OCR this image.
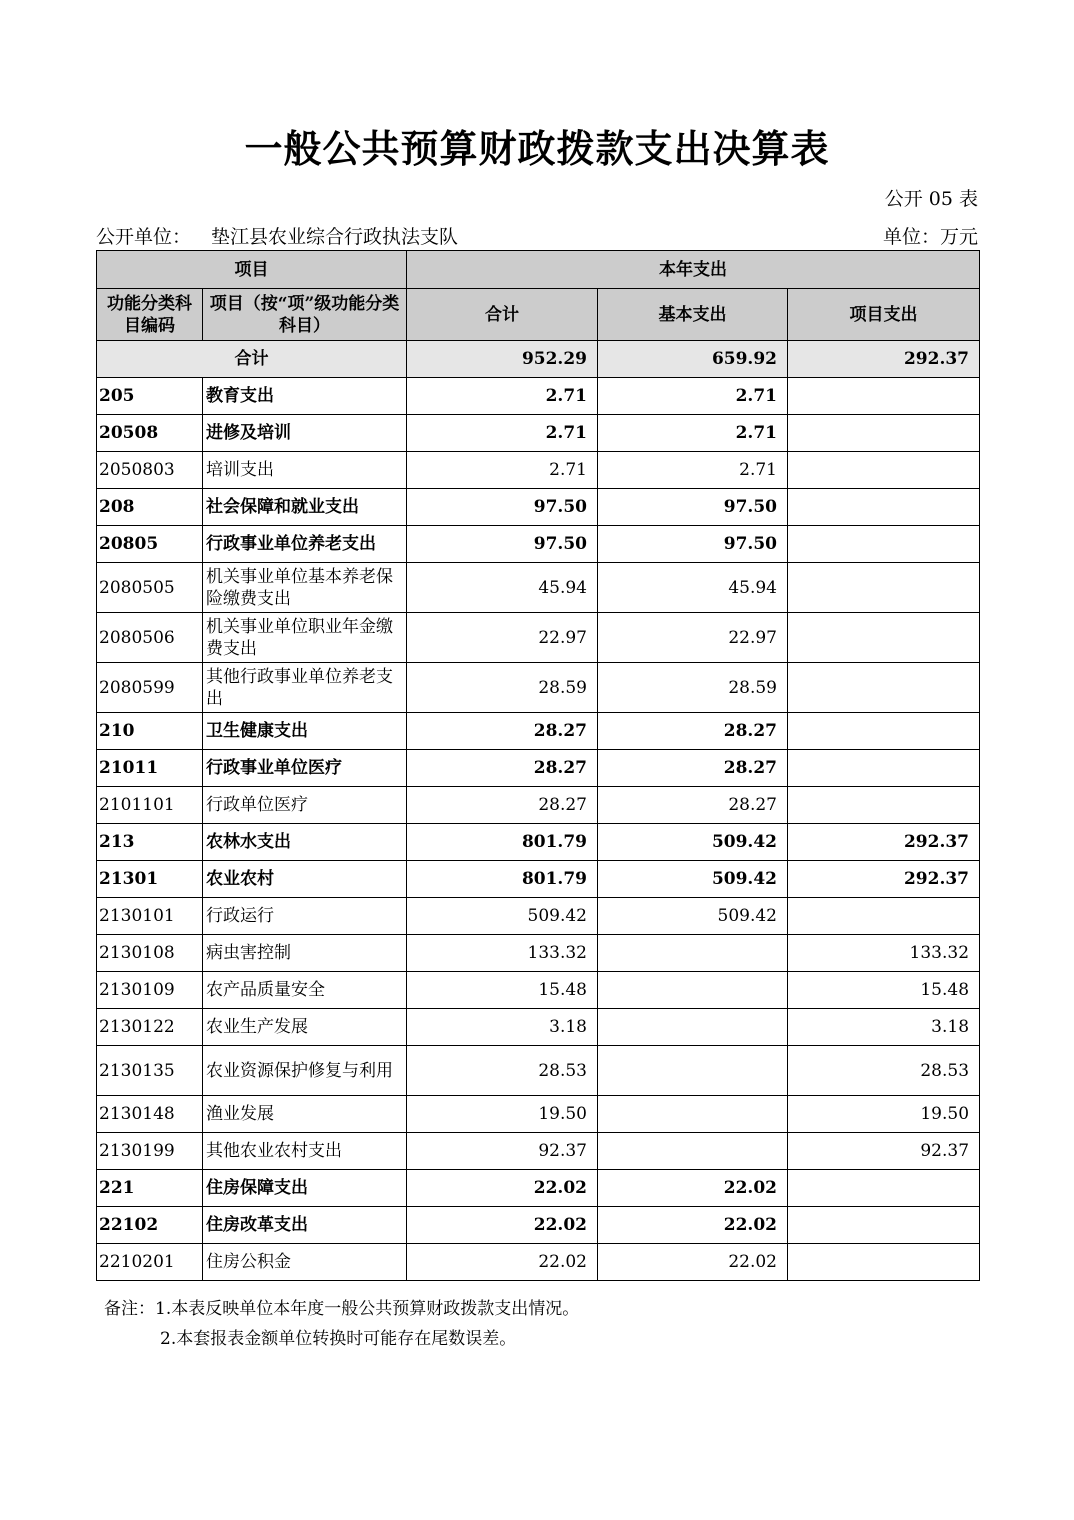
一般公共预算财政拨款支出决算表
公开 05 表
公开单位： 垫江县农业综合行政执法支队	单位：万元
项目		本年支出		
功能分类科目编码	项目（按“项”级功能分类科目）	合计	基本支出	项目支出
合计		952.29	659.92	292.37
205	教育支出	2.71	2.71	
20508	进修及培训	2.71	2.71	
2050803	培训支出	2.71	2.71	
208	社会保障和就业支出	97.50	97.50	
20805	行政事业单位养老支出	97.50	97.50	
2080505	机关事业单位基本养老保险缴费支出	45.94	45.94	
2080506	机关事业单位职业年金缴费支出	22.97	22.97	
2080599	其他行政事业单位养老支出	28.59	28.59	
210	卫生健康支出	28.27	28.27	
21011	行政事业单位医疗	28.27	28.27	
2101101	行政单位医疗	28.27	28.27	
213	农林水支出	801.79	509.42	292.37
21301	农业农村	801.79	509.42	292.37
2130101	行政运行	509.42	509.42	
2130108	病虫害控制	133.32		133.32
2130109	农产品质量安全	15.48		15.48
2130122	农业生产发展	3.18		3.18
2130135	农业资源保护修复与利用	28.53		28.53
2130148	渔业发展	19.50		19.50
2130199	其他农业农村支出	92.37		92.37
221	住房保障支出	22.02	22.02	
22102	住房改革支出	22.02	22.02	
2210201	住房公积金	22.02	22.02	
备注：1.本表反映单位本年度一般公共预算财政拨款支出情况。
2.本套报表金额单位转换时可能存在尾数误差。
